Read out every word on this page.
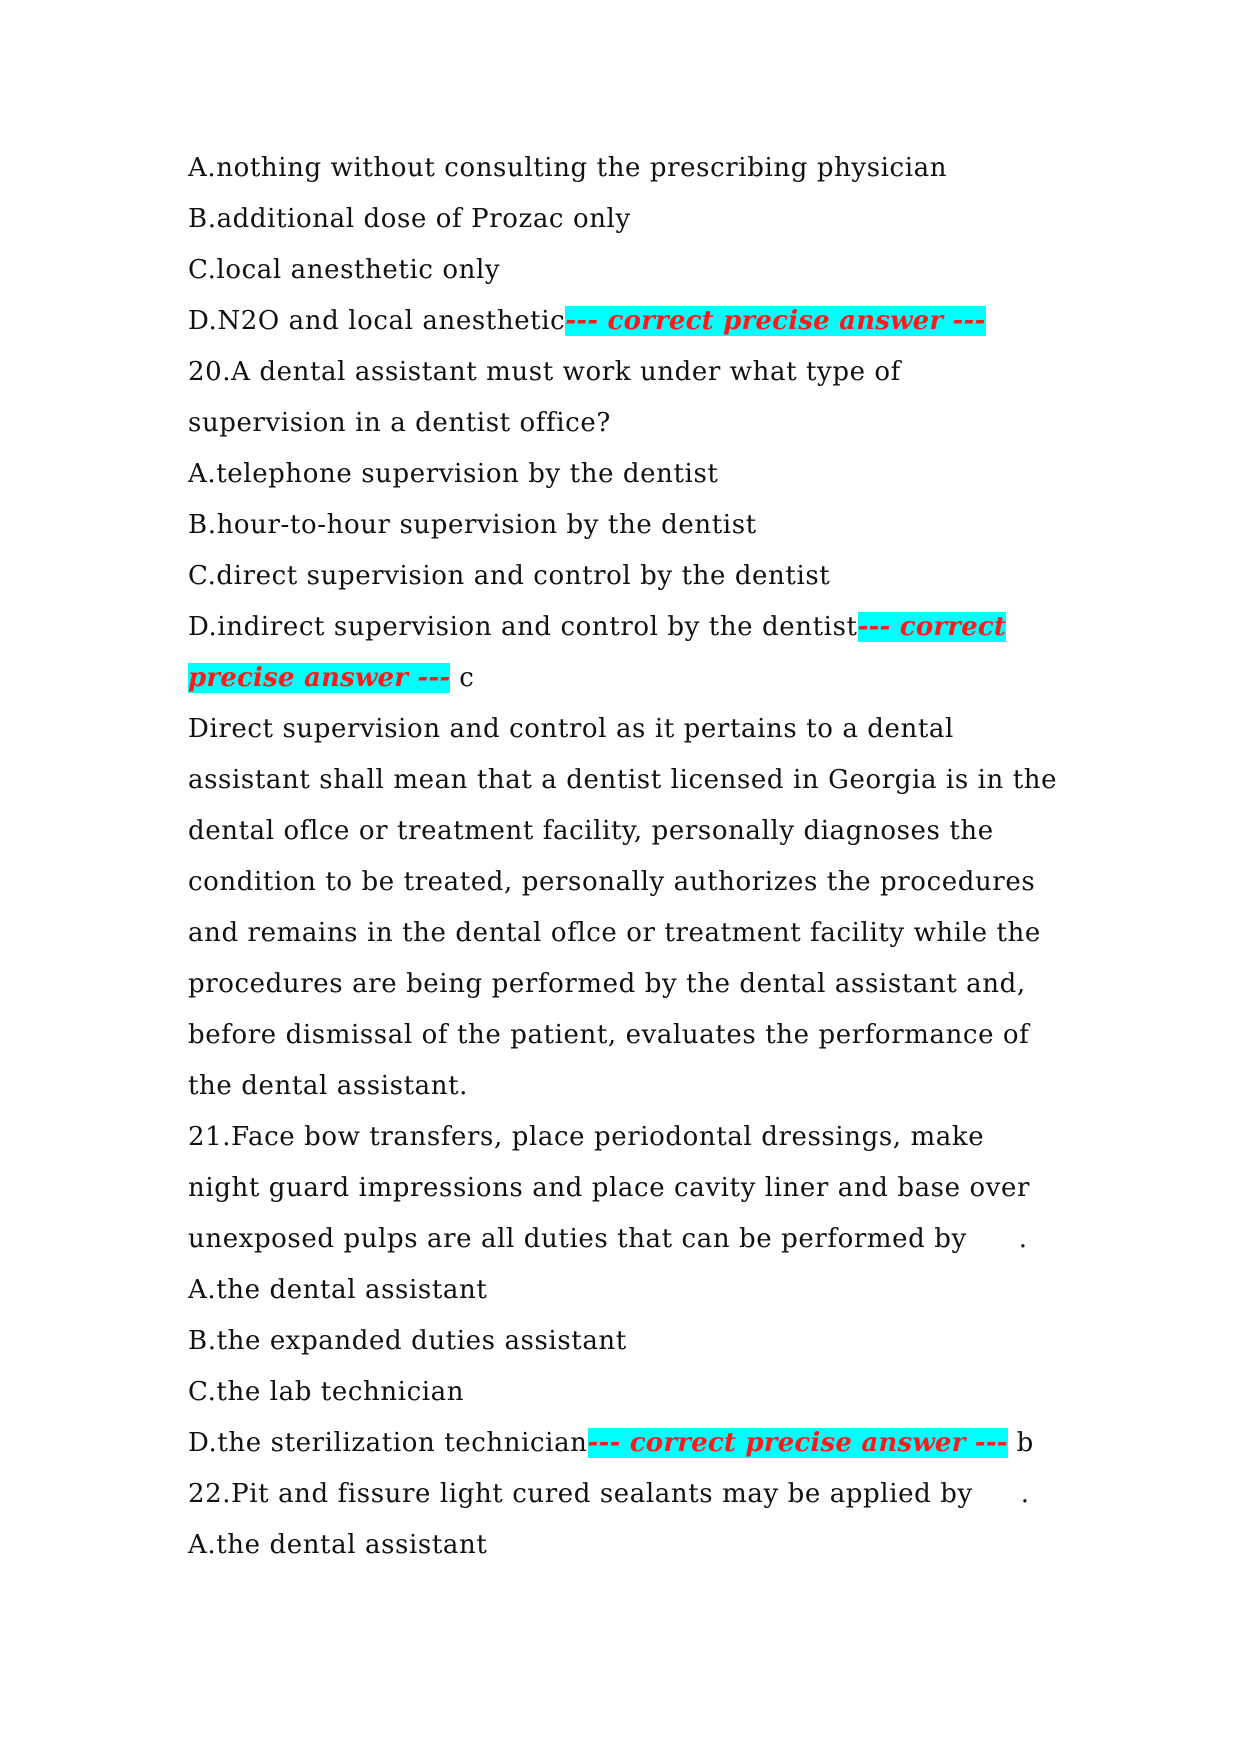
A.nothing without consulting the prescribing physician
B.additional dose of Prozac only
C.local anesthetic only
D.N2O and local anesthetic--- correct precise answer ---
20.A dental assistant must work under what type of
supervision in a dentist office?
A.telephone supervision by the dentist
B.hour-to-hour supervision by the dentist
C.direct supervision and control by the dentist
D.indirect supervision and control by the dentist--- correct
precise answer --- c
Direct supervision and control as it pertains to a dental
assistant shall mean that a dentist licensed in Georgia is in the
dental oflce or treatment facility, personally diagnoses the
condition to be treated, personally authorizes the procedures
and remains in the dental oflce or treatment facility while the
procedures are being performed by the dental assistant and,
before dismissal of the patient, evaluates the performance of
the dental assistant.
21.Face bow transfers, place periodontal dressings, make
night guard impressions and place cavity liner and base over
unexposed pulps are all duties that can be performed by .
A.the dental assistant
B.the expanded duties assistant
C.the lab technician
D.the sterilization technician--- correct precise answer --- b
22.Pit and fissure light cured sealants may be applied by .
A.the dental assistant
